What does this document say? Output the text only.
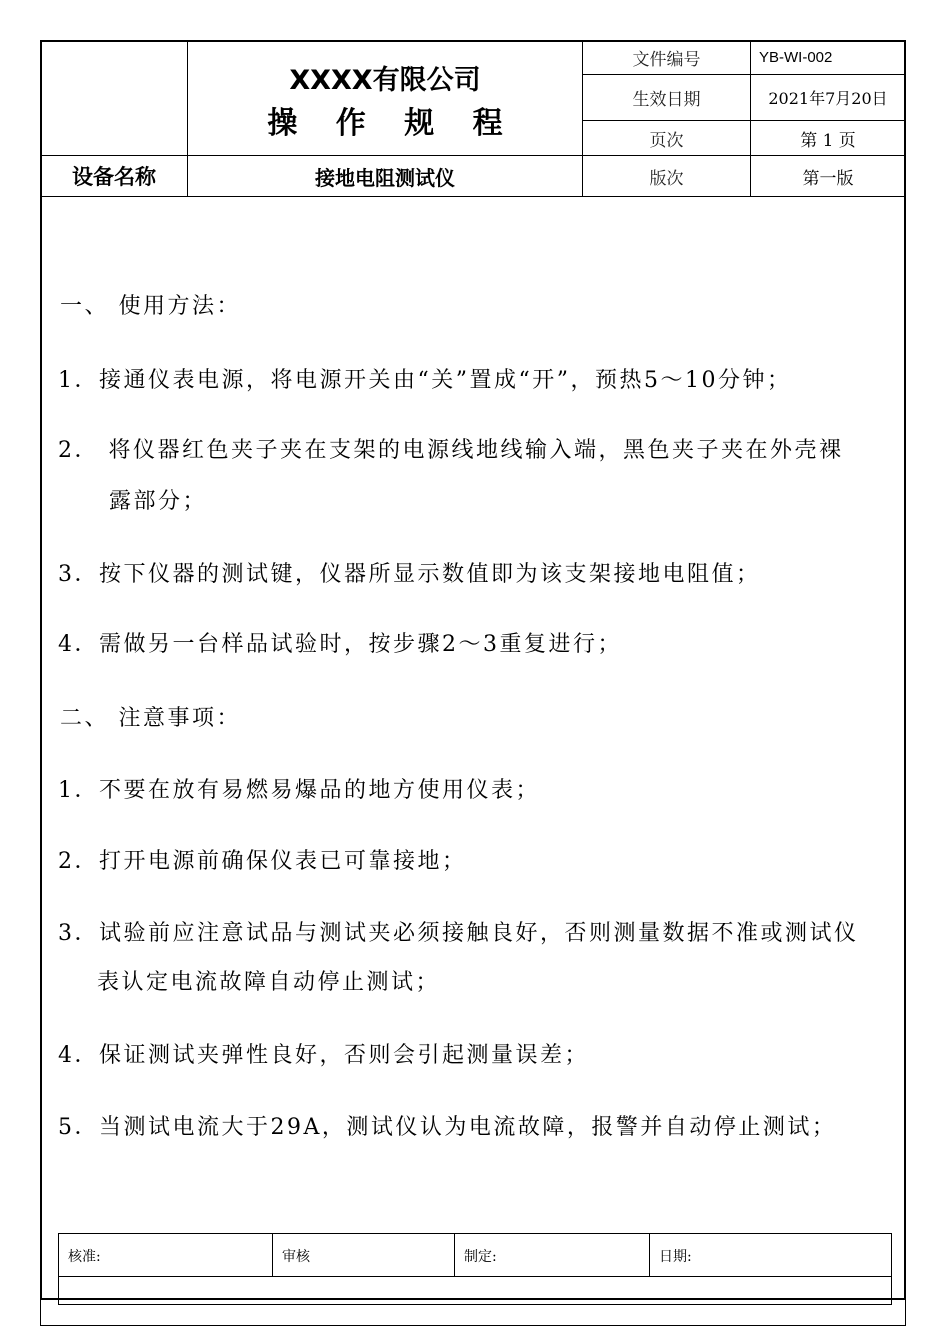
XXXX有限公司
操 作 规 程
文件编号	YB-WI-002
生效日期	2021年7月20日
页次	第 1 页
设备名称	接地电阻测试仪	版次	第一版
一、 使用方法：
1．接通仪表电源，将电源开关由“关”置成“开”，预热5～10分钟；
2． 将仪器红色夹子夹在支架的电源线地线输入端，黑色夹子夹在外壳裸
露部分；
3．按下仪器的测试键，仪器所显示数值即为该支架接地电阻值；
4．需做另一台样品试验时，按步骤2～3重复进行；
二、 注意事项：
1．不要在放有易燃易爆品的地方使用仪表；
2．打开电源前确保仪表已可靠接地；
3．试验前应注意试品与测试夹必须接触良好，否则测量数据不准或测试仪
表认定电流故障自动停止测试；
4．保证测试夹弹性良好，否则会引起测量误差；
5．当测试电流大于29A，测试仪认为电流故障，报警并自动停止测试；
核准:	审核	制定:	日期:
